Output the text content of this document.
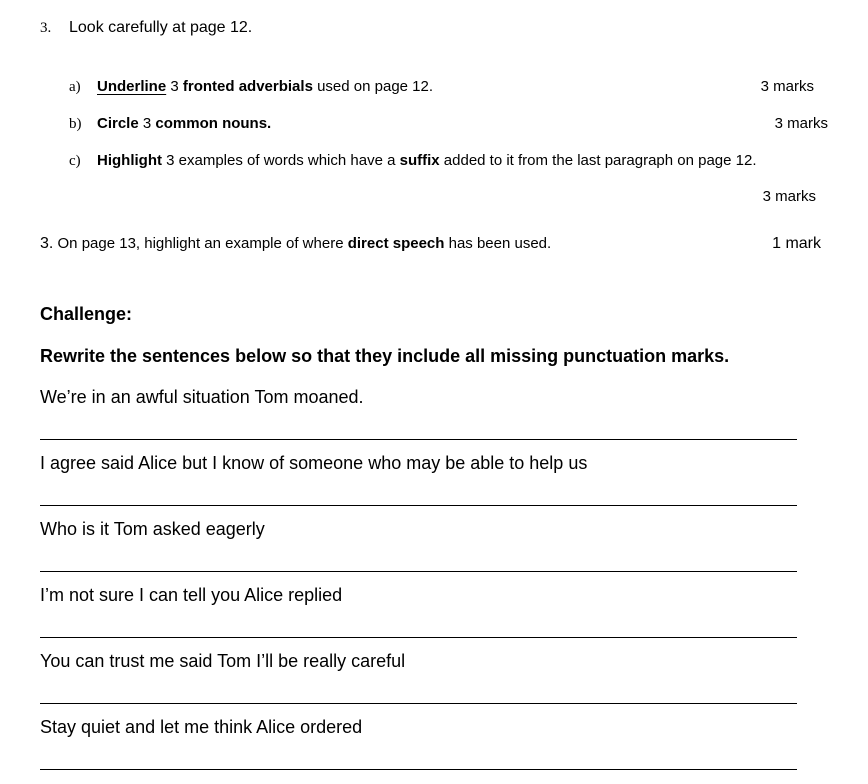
3. Look carefully at page 12.
a) Underline 3 fronted adverbials used on page 12.	3 marks
b) Circle 3 common nouns.	3 marks
c) Highlight 3 examples of words which have a suffix added to it from the last paragraph on page 12.
3 marks
3. On page 13, highlight an example of where direct speech has been used.	1 mark
Challenge:
Rewrite the sentences below so that they include all missing punctuation marks.
We’re in an awful situation Tom moaned.
I agree said Alice but I know of someone who may be able to help us
Who is it Tom asked eagerly
I’m not sure I can tell you Alice replied
You can trust me said Tom I’ll be really careful
Stay quiet and let me think Alice ordered
